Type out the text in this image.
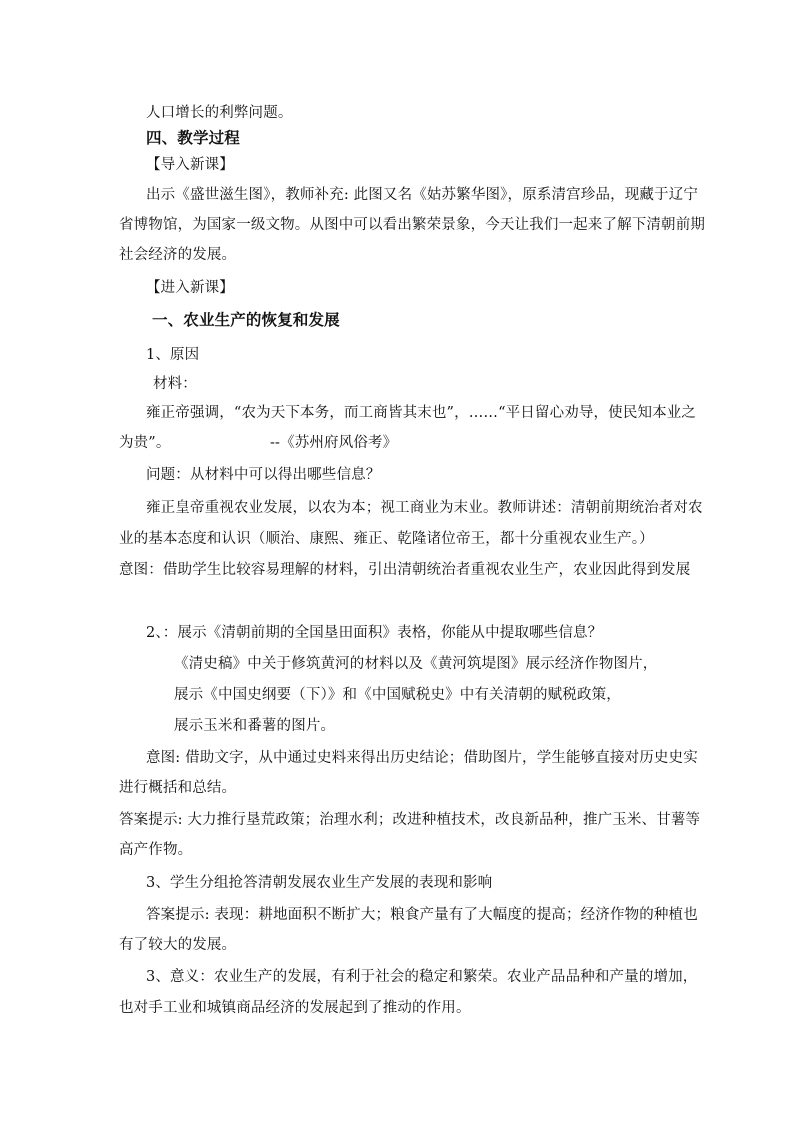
人口增长的利弊问题。
四、教学过程
【导入新课】
出示《盛世滋生图》，教师补充: 此图又名《姑苏繁华图》，原系清宫珍品，现藏于辽宁
省博物馆，为国家一级文物。从图中可以看出繁荣景象，今天让我们一起来了解下清朝前期
社会经济的发展。
【进入新课】
一、农业生产的恢复和发展
1、原因
材料：
雍正帝强调，“农为天下本务，而工商皆其末也”，……“平日留心劝导，使民知本业之
为贵”。	--《苏州府风俗考》
问题：从材料中可以得出哪些信息？
雍正皇帝重视农业发展，以农为本；视工商业为末业。教师讲述：清朝前期统治者对农
业的基本态度和认识（顺治、康熙、雍正、乾隆诸位帝王，都十分重视农业生产。）
意图：借助学生比较容易理解的材料，引出清朝统治者重视农业生产，农业因此得到发展
2、：展示《清朝前期的全国垦田面积》表格，你能从中提取哪些信息？
《清史稿》中关于修筑黄河的材料以及《黄河筑堤图》展示经济作物图片，
展示《中国史纲要（下）》和《中国赋税史》中有关清朝的赋税政策，
展示玉米和番薯的图片。
意图: 借助文字，从中通过史料来得出历史结论；借助图片，学生能够直接对历史史实
进行概括和总结。
答案提示: 大力推行垦荒政策；治理水利；改进种植技术，改良新品种，推广玉米、甘薯等
高产作物。
3、学生分组抢答清朝发展农业生产发展的表现和影响
答案提示: 表现：耕地面积不断扩大；粮食产量有了大幅度的提高；经济作物的种植也
有了较大的发展。
3、意义：农业生产的发展，有利于社会的稳定和繁荣。农业产品品种和产量的增加，
也对手工业和城镇商品经济的发展起到了推动的作用。
